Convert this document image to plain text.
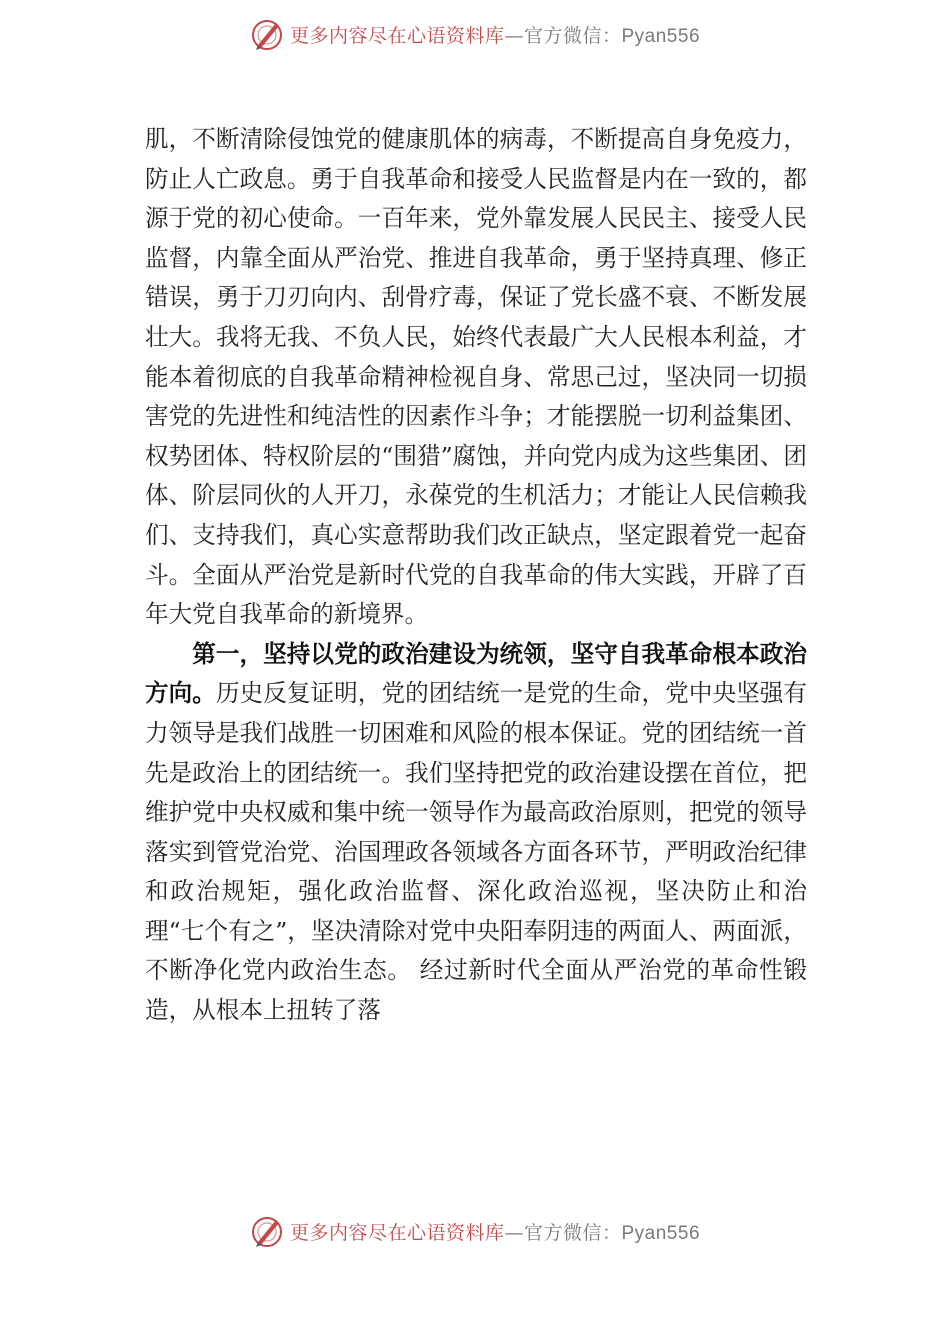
更多内容尽在心语资料库—官方微信：Pyan556

肌，不断清除侵蚀党的健康肌体的病毒，不断提高自身免疫力，防止人亡政息。勇于自我革命和接受人民监督是内在一致的，都源于党的初心使命。一百年来，党外靠发展人民民主、接受人民监督，内靠全面从严治党、推进自我革命，勇于坚持真理、修正错误，勇于刀刃向内、刮骨疗毒，保证了党长盛不衰、不断发展壮大。我将无我、不负人民，始终代表最广大人民根本利益，才能本着彻底的自我革命精神检视自身、常思己过，坚决同一切损害党的先进性和纯洁性的因素作斗争；才能摆脱一切利益集团、权势团体、特权阶层的“围猎”腐蚀，并向党内成为这些集团、团体、阶层同伙的人开刀，永葆党的生机活力；才能让人民信赖我们、支持我们，真心实意帮助我们改正缺点，坚定跟着党一起奋斗。全面从严治党是新时代党的自我革命的伟大实践，开辟了百年大党自我革命的新境界。

第一，坚持以党的政治建设为统领，坚守自我革命根本政治方向。历史反复证明，党的团结统一是党的生命，党中央坚强有力领导是我们战胜一切困难和风险的根本保证。党的团结统一首先是政治上的团结统一。我们坚持把党的政治建设摆在首位，把维护党中央权威和集中统一领导作为最高政治原则，把党的领导落实到管党治党、治国理政各领域各方面各环节，严明政治纪律和政治规矩，强化政治监督、深化政治巡视，坚决防止和治理“七个有之”，坚决清除对党中央阳奉阴违的两面人、两面派，不断净化党内政治生态。 经过新时代全面从严治党的革命性锻造，从根本上扭转了落

更多内容尽在心语资料库—官方微信：Pyan556
